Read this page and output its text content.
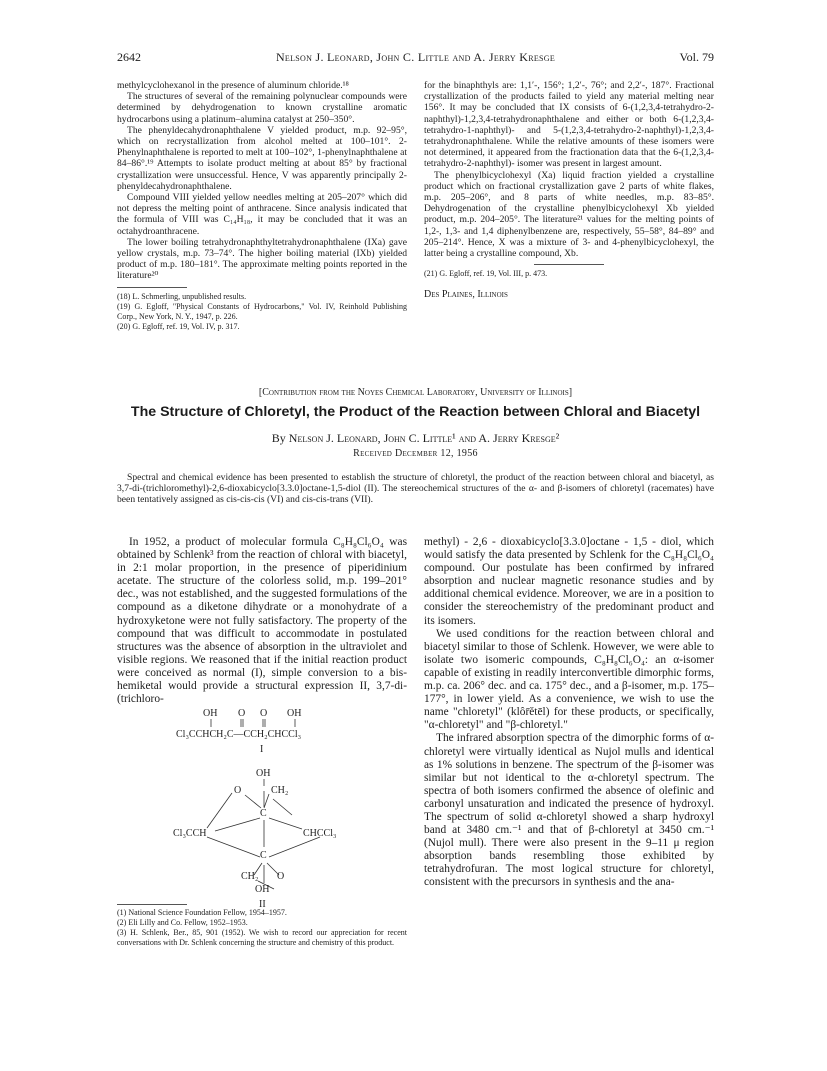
2642	Nelson J. Leonard, John C. Little and A. Jerry Kresge	Vol. 79

methylcyclohexanol in the presence of aluminum chloride.¹⁸

The structures of several of the remaining polynuclear compounds were determined by dehydrogenation to known crystalline aromatic hydrocarbons using a platinum–alumina catalyst at 250–350°.

The phenyldecahydronaphthalene V yielded product, m.p. 92–95°, which on recrystallization from alcohol melted at 100–101°. 2-Phenylnaphthalene is reported to melt at 100–102°, 1-phenylnaphthalene at 84–86°.¹⁹ Attempts to isolate product melting at about 85° by fractional crystallization were unsuccessful. Hence, V was apparently principally 2-phenyldecahydronaphthalene.

Compound VIII yielded yellow needles melting at 205–207° which did not depress the melting point of anthracene. Since analysis indicated that the formula of VIII was C₁₄H₁₈, it may be concluded that it was an octahydroanthracene.

The lower boiling tetrahydronaphthyltetrahydronaphthalene (IXa) gave yellow crystals, m.p. 73–74°. The higher boiling material (IXb) yielded product of m.p. 180–181°. The approximate melting points reported in the literature²⁰

(18) L. Schmerling, unpublished results.

(19) G. Egloff, "Physical Constants of Hydrocarbons," Vol. IV, Reinhold Publishing Corp., New York, N. Y., 1947, p. 226.

(20) G. Egloff, ref. 19, Vol. IV, p. 317.

for the binaphthyls are: 1,1′-, 156°; 1,2′-, 76°; and 2,2′-, 187°. Fractional crystallization of the products failed to yield any material melting near 156°. It may be concluded that IX consists of 6-(1,2,3,4-tetrahydro-2-naphthyl)-1,2,3,4-tetrahydronaphthalene and either or both 6-(1,2,3,4-tetrahydro-1-naphthyl)- and 5-(1,2,3,4-tetrahydro-2-naphthyl)-1,2,3,4-tetrahydronaphthalene. While the relative amounts of these isomers were not determined, it appeared from the fractionation data that the 6-(1,2,3,4-tetrahydro-2-naphthyl)- isomer was present in largest amount.

The phenylbicyclohexyl (Xa) liquid fraction yielded a crystalline product which on fractional crystallization gave 2 parts of white flakes, m.p. 205–206°, and 8 parts of white needles, m.p. 83–85°. Dehydrogenation of the crystalline phenylbicyclohexyl Xb yielded product, m.p. 204–205°. The literature²¹ values for the melting points of 1,2-, 1,3- and 1,4 diphenylbenzene are, respectively, 55–58°, 84–89° and 205–214°. Hence, X was a mixture of 3- and 4-phenylbicyclohexyl, the latter being a crystalline compound, Xb.

(21) G. Egloff, ref. 19, Vol. III, p. 473.

Des Plaines, Illinois
[Contribution from the Noyes Chemical Laboratory, University of Illinois]
The Structure of Chloretyl, the Product of the Reaction between Chloral and Biacetyl
By Nelson J. Leonard, John C. Little¹ and A. Jerry Kresge²
Received December 12, 1956

Spectral and chemical evidence has been presented to establish the structure of chloretyl, the product of the reaction between chloral and biacetyl, as 3,7-di-(trichloromethyl)-2,6-dioxabicyclo[3.3.0]octane-1,5-diol (II). The stereochemical structures of the α- and β-isomers of chloretyl (racemates) have been tentatively assigned as cis-cis-cis (VI) and cis-cis-trans (VII).

In 1952, a product of molecular formula C₈H₈Cl₆O₄ was obtained by Schlenk³ from the reaction of chloral with biacetyl, in 2:1 molar proportion, in the presence of piperidinium acetate. The structure of the colorless solid, m.p. 199–201° dec., was not established, and the suggested formulations of the compound as a diketone dihydrate or a monohydrate of a hydroxyketone were not fully satisfactory. The property of the compound that was difficult to accommodate in postulated structures was the absence of absorption in the ultraviolet and visible regions. We reasoned that if the initial reaction product were conceived as normal (I), simple conversion to a bis-hemiketal would provide a structural expression II, 3,7-di-(trichloro-

OH O O OH
Cl₃CCHCH₂C—CCH₂CHCCl₃
I
OH
O	CH₂
C
Cl₃CCH	CHCCl₃
C
CH₂ O
OH
II

(1) National Science Foundation Fellow, 1954–1957.

(2) Eli Lilly and Co. Fellow, 1952–1953.

(3) H. Schlenk, Ber., 85, 901 (1952). We wish to record our appreciation for recent conversations with Dr. Schlenk concerning the structure and chemistry of this product.

methyl) - 2,6 - dioxabicyclo[3.3.0]octane - 1,5 - diol, which would satisfy the data presented by Schlenk for the C₈H₈Cl₆O₄ compound. Our postulate has been confirmed by infrared absorption and nuclear magnetic resonance studies and by additional chemical evidence. Moreover, we are in a position to consider the stereochemistry of the predominant product and its isomers.

We used conditions for the reaction between chloral and biacetyl similar to those of Schlenk. However, we were able to isolate two isomeric compounds, C₈H₈Cl₆O₄: an α-isomer capable of existing in readily interconvertible dimorphic forms, m.p. ca. 206° dec. and ca. 175° dec., and a β-isomer, m.p. 175–177°, in lower yield. As a convenience, we wish to use the name "chloretyl" (klôr̄ĕtēl) for these products, or specifically, "α-chloretyl" and "β-chloretyl."

The infrared absorption spectra of the dimorphic forms of α-chloretyl were virtually identical as Nujol mulls and identical as 1% solutions in benzene. The spectrum of the β-isomer was similar but not identical to the α-chloretyl spectrum. The spectra of both isomers confirmed the absence of olefinic and carbonyl unsaturation and indicated the presence of hydroxyl. The spectrum of solid α-chloretyl showed a sharp hydroxyl band at 3480 cm.⁻¹ and that of β-chloretyl at 3450 cm.⁻¹ (Nujol mull). There were also present in the 9–11 μ region absorption bands resembling those exhibited by tetrahydrofuran. The most logical structure for chloretyl, consistent with the precursors in synthesis and the ana-
